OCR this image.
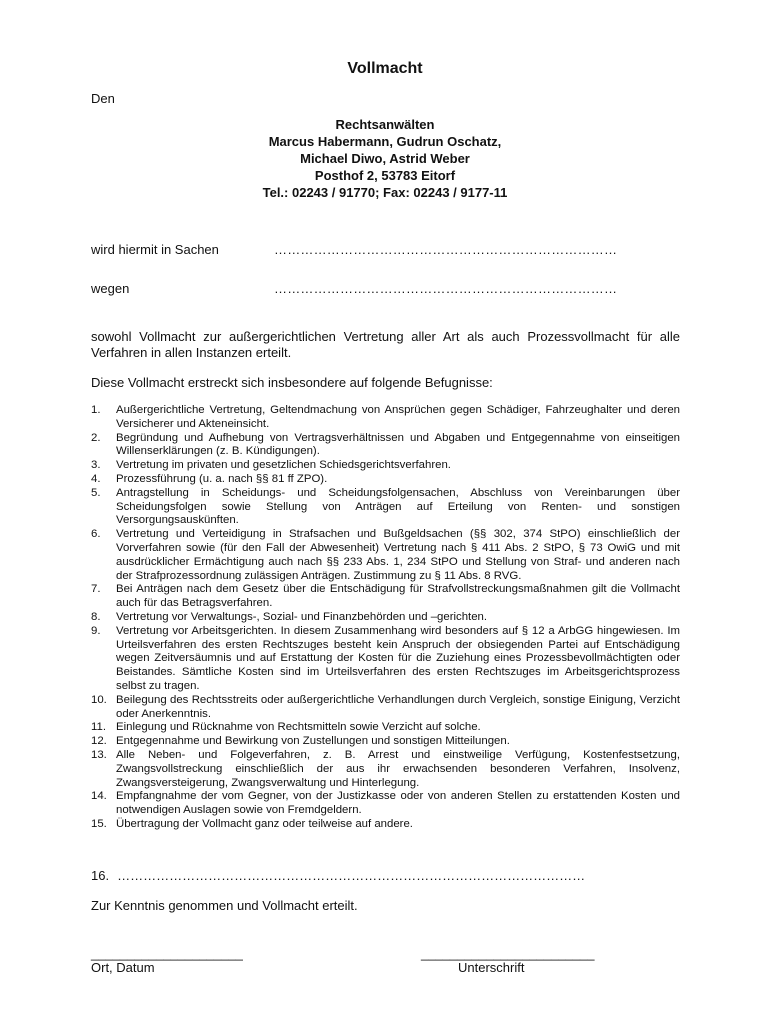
Vollmacht
Den
Rechtsanwälten
Marcus Habermann, Gudrun Oschatz,
Michael Diwo, Astrid Weber
Posthof 2, 53783 Eitorf
Tel.: 02243 / 91770; Fax: 02243 / 9177-11
wird hiermit in Sachen	……………………………………………………………………
wegen	……………………………………………………………………
sowohl Vollmacht zur außergerichtlichen Vertretung aller Art als auch Prozessvollmacht für alle Verfahren in allen Instanzen erteilt.
Diese Vollmacht erstreckt sich insbesondere auf folgende Befugnisse:
1. Außergerichtliche Vertretung, Geltendmachung von Ansprüchen gegen Schädiger, Fahrzeughalter und deren Versicherer und Akteneinsicht.
2. Begründung und Aufhebung von Vertragsverhältnissen und Abgaben und Entgegennahme von einseitigen Willenserklärungen (z. B. Kündigungen).
3. Vertretung im privaten und gesetzlichen Schiedsgerichtsverfahren.
4. Prozessführung (u. a. nach §§ 81 ff ZPO).
5. Antragstellung in Scheidungs- und Scheidungsfolgensachen, Abschluss von Vereinbarungen über Scheidungsfolgen sowie Stellung von Anträgen auf Erteilung von Renten- und sonstigen Versorgungsauskünften.
6. Vertretung und Verteidigung in Strafsachen und Bußgeldsachen (§§ 302, 374 StPO) einschließlich der Vorverfahren sowie (für den Fall der Abwesenheit) Vertretung nach § 411 Abs. 2 StPO, § 73 OwiG und mit ausdrücklicher Ermächtigung auch nach §§ 233 Abs. 1, 234 StPO und Stellung von Straf- und anderen nach der Strafprozessordnung zulässigen Anträgen. Zustimmung zu § 11 Abs. 8 RVG.
7. Bei Anträgen nach dem Gesetz über die Entschädigung für Strafvollstreckungsmaßnahmen gilt die Vollmacht auch für das Betragsverfahren.
8. Vertretung vor Verwaltungs-, Sozial- und Finanzbehörden und –gerichten.
9. Vertretung vor Arbeitsgerichten. In diesem Zusammenhang wird besonders auf § 12 a ArbGG hingewiesen. Im Urteilsverfahren des ersten Rechtszuges besteht kein Anspruch der obsiegenden Partei auf Entschädigung wegen Zeitversäumnis und auf Erstattung der Kosten für die Zuziehung eines Prozessbevollmächtigten oder Beistandes. Sämtliche Kosten sind im Urteilsverfahren des ersten Rechtszuges im Arbeitsgerichtsprozess selbst zu tragen.
10. Beilegung des Rechtsstreits oder außergerichtliche Verhandlungen durch Vergleich, sonstige Einigung, Verzicht oder Anerkenntnis.
11. Einlegung und Rücknahme von Rechtsmitteln sowie Verzicht auf solche.
12. Entgegennahme und Bewirkung von Zustellungen und sonstigen Mitteilungen.
13. Alle Neben- und Folgeverfahren, z. B. Arrest und einstweilige Verfügung, Kostenfestsetzung, Zwangsvollstreckung einschließlich der aus ihr erwachsenden besonderen Verfahren, Insolvenz, Zwangsversteigerung, Zwangsverwaltung und Hinterlegung.
14. Empfangnahme der vom Gegner, von der Justizkasse oder von anderen Stellen zu erstattenden Kosten und notwendigen Auslagen sowie von Fremdgeldern.
15. Übertragung der Vollmacht ganz oder teilweise auf andere.
16. ………………………………………………………………………………………………
Zur Kenntnis genommen und Vollmacht erteilt.
_____________________
Ort, Datum
________________________
Unterschrift
